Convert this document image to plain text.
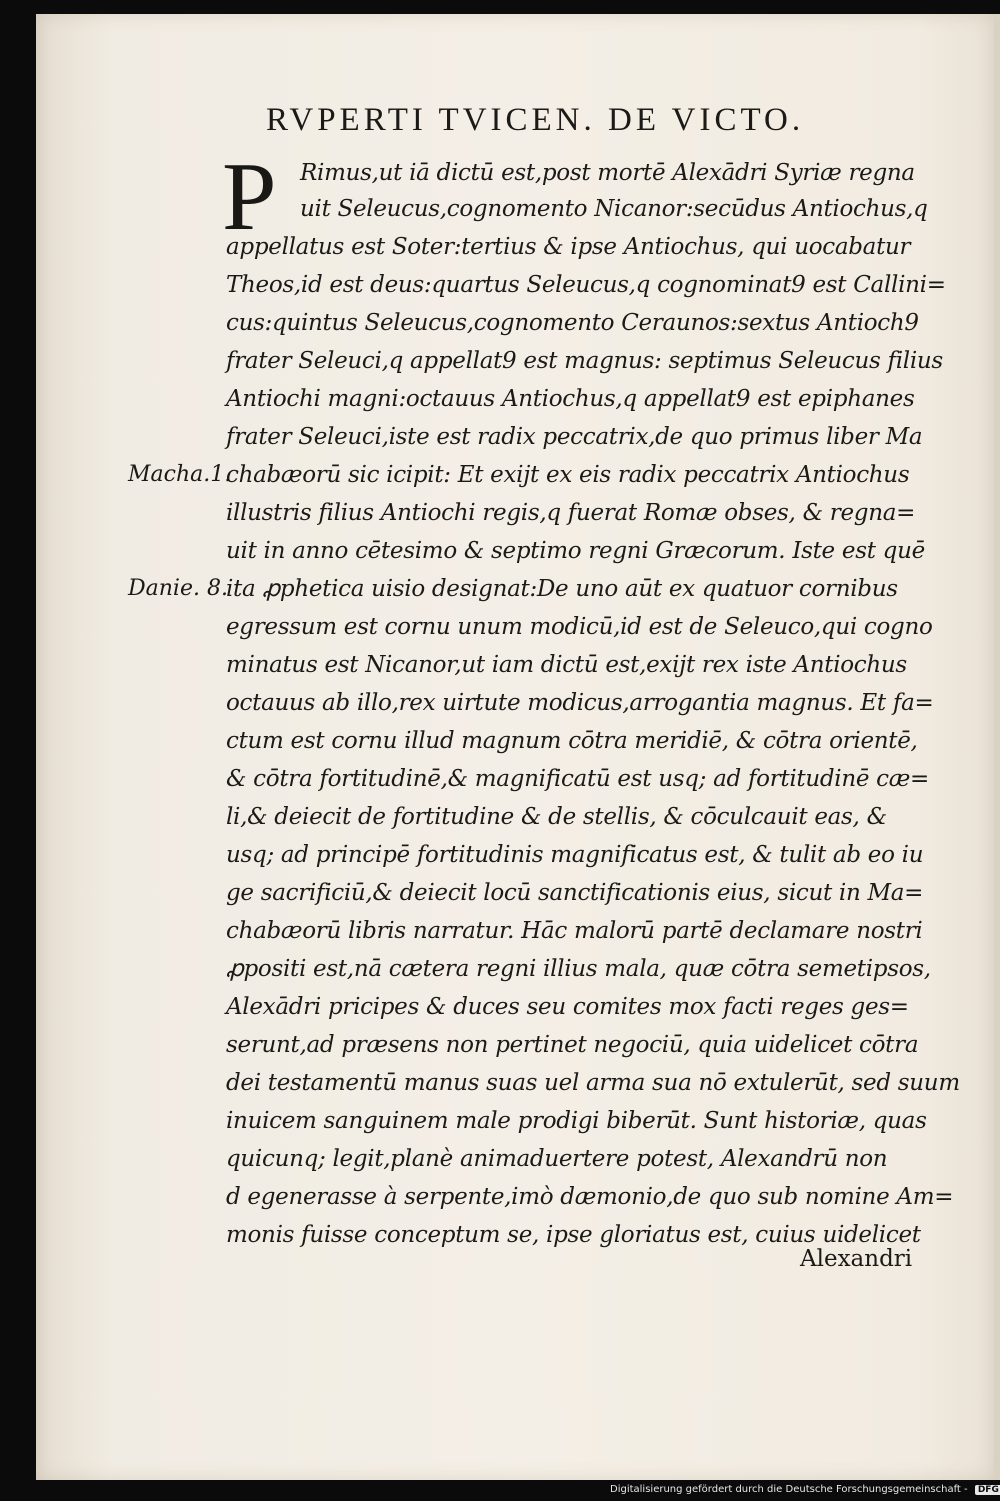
RVPERTI TVICEN. DE VICTO.
P Rimus,ut iā dictū est,post mortē Alexādri Syriæ regna
uit Seleucus,cognomento Nicanor:secūdus Antiochus,q
appellatus est Soter:tertius & ipse Antiochus, qui uocabatur
Theos,id est deus:quartus Seleucus,q cognominat9 est Callini=
cus:quintus Seleucus,cognomento Ceraunos:sextus Antioch9
frater Seleuci,q appellat9 est magnus: septimus Seleucus filius
Antiochi magni:octauus Antiochus,q appellat9 est epiphanes
frater Seleuci,iste est radix peccatrix,de quo primus liber Ma
chabæorū sic icipit: Et exijt ex eis radix peccatrix Antiochus
illustris filius Antiochi regis,q fuerat Romæ obses, & regna=
uit in anno cētesimo & septimo regni Græcorum. Iste est quē
ita ꝓphetica uisio designat:De uno aūt ex quatuor cornibus
egressum est cornu unum modicū,id est de Seleuco,qui cogno
minatus est Nicanor,ut iam dictū est,exijt rex iste Antiochus
octauus ab illo,rex uirtute modicus,arrogantia magnus. Et fa=
ctum est cornu illud magnum cōtra meridiē, & cōtra orientē,
& cōtra fortitudinē,& magnificatū est usq; ad fortitudinē cæ=
li,& deiecit de fortitudine & de stellis, & cōculcauit eas, &
usq; ad principē fortitudinis magnificatus est, & tulit ab eo iu
ge sacrificiū,& deiecit locū sanctificationis eius, sicut in Ma=
chabæorū libris narratur. Hāc malorū partē declamare nostri
ꝓpositi est,nā cætera regni illius mala, quæ cōtra semetipsos,
Alexādri pricipes & duces seu comites mox facti reges ges=
serunt,ad præsens non pertinet negociū, quia uidelicet cōtra
dei testamentū manus suas uel arma sua nō extulerūt, sed suum
inuicem sanguinem male prodigi biberūt. Sunt historiæ, quas
quicunq; legit,planè animaduertere potest, Alexandrū non
d egenerasse à serpente,imò dæmonio,de quo sub nomine Am=
monis fuisse conceptum se, ipse gloriatus est, cuius uidelicet
Macha.1.
Danie. 8.
Alexandri
Digitalisierung gefördert durch die Deutsche Forschungsgemeinschaft - DFG
